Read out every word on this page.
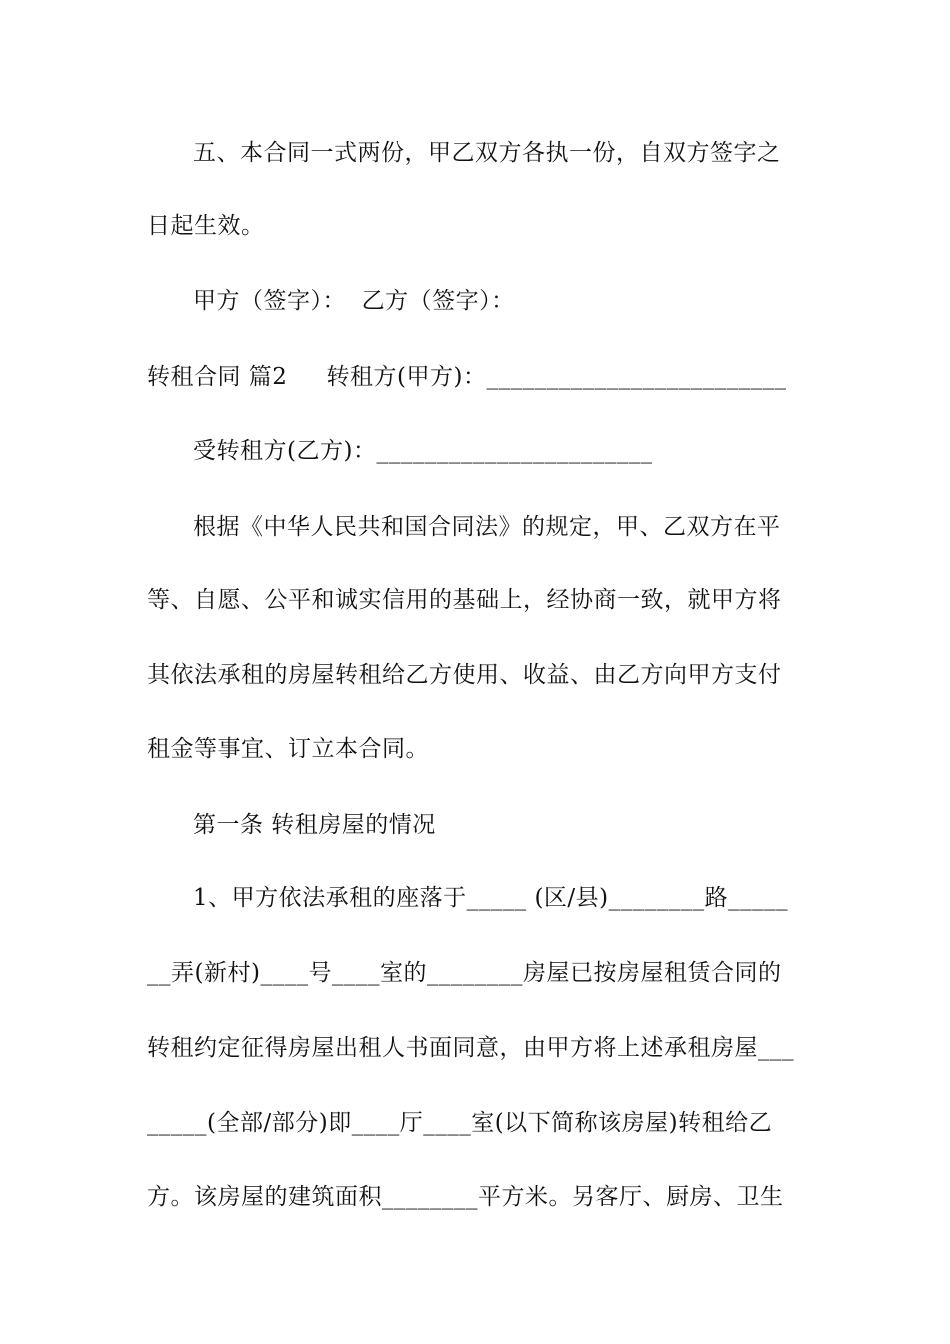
五、本合同一式两份，甲乙双方各执一份，自双方签字之
日起生效。
甲方（签字）：  乙方（签字）：
转租合同 篇2     转租方(甲方)：_________________________
受转租方(乙方)：_______________________
根据《中华人民共和国合同法》的规定，甲、乙双方在平
等、自愿、公平和诚实信用的基础上，经协商一致，就甲方将
其依法承租的房屋转租给乙方使用、收益、由乙方向甲方支付
租金等事宜、订立本合同。
第一条 转租房屋的情况
1、甲方依法承租的座落于_____ (区/县)________路_____
__弄(新村)____号____室的________房屋已按房屋租赁合同的
转租约定征得房屋出租人书面同意，由甲方将上述承租房屋___
_____(全部/部分)即____厅____室(以下简称该房屋)转租给乙
方。该房屋的建筑面积________平方米。另客厅、厨房、卫生
